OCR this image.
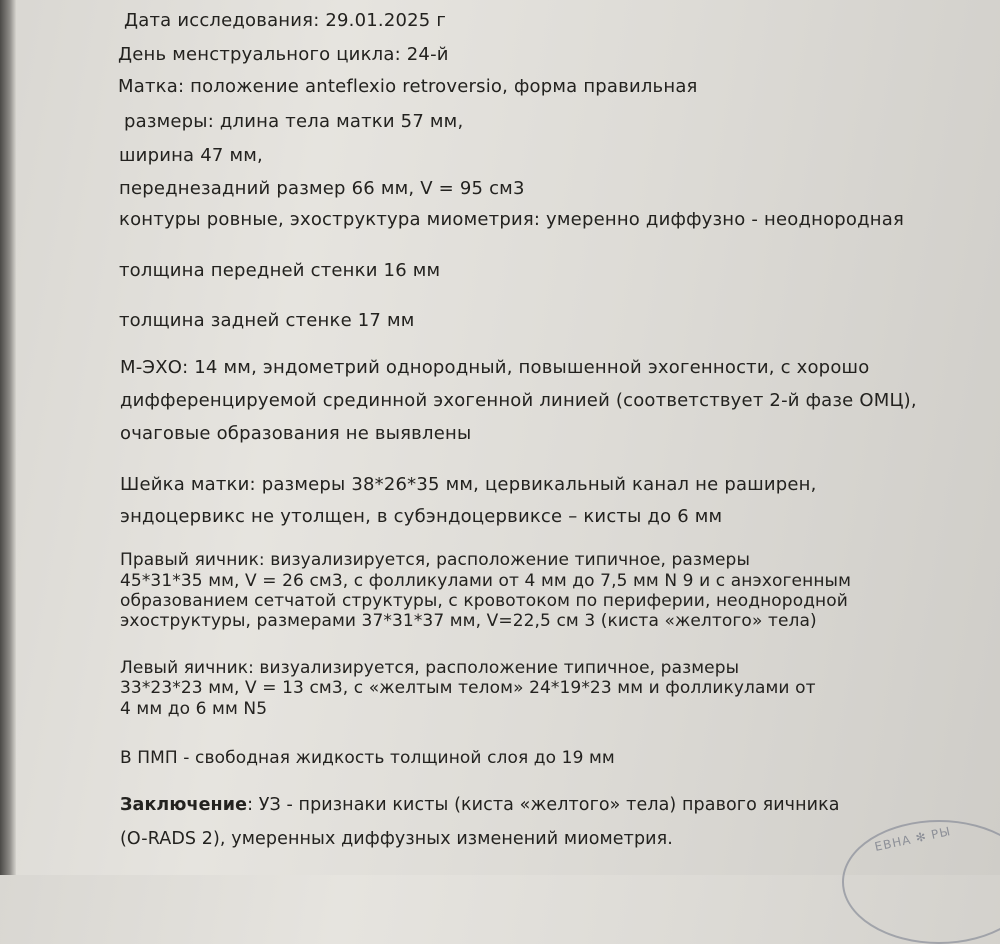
Дата исследования: 29.01.2025 г

День менструального цикла: 24-й

Матка: положение anteflexio retroversio, форма правильная

размеры: длина тела матки 57 мм,

ширина 47 мм,

переднезадний размер 66 мм, V = 95 см3

контуры ровные, эхоструктура миометрия: умеренно диффузно - неоднородная

толщина передней стенки 16 мм

толщина задней стенке 17 мм

М-ЭХО: 14 мм, эндометрий однородный, повышенной эхогенности, с хорошо

дифференцируемой срединной эхогенной линией (соответствует 2-й фазе ОМЦ),

очаговые образования не выявлены

Шейка матки: размеры 38*26*35 мм, цервикальный канал не раширен,

эндоцервикс не утолщен, в субэндоцервиксе – кисты до 6 мм

Правый яичник: визуализируется, расположение типичное, размеры

45*31*35 мм, V = 26 см3, с фолликулами от 4 мм до 7,5 мм N 9 и с анэхогенным

образованием сетчатой структуры, с кровотоком по периферии, неоднородной

эхоструктуры, размерами 37*31*37 мм, V=22,5 см 3 (киста «желтого» тела)

Левый яичник: визуализируется, расположение типичное, размеры

33*23*23 мм, V = 13 см3, с «желтым телом» 24*19*23 мм и фолликулами от

4 мм до 6 мм N5

В ПМП - свободная жидкость толщиной слоя до 19 мм

Заключение: УЗ - признаки кисты (киста «желтого» тела) правого яичника

(O-RADS 2), умеренных диффузных изменений миометрия.	ЕВНА ✻ РЫ
